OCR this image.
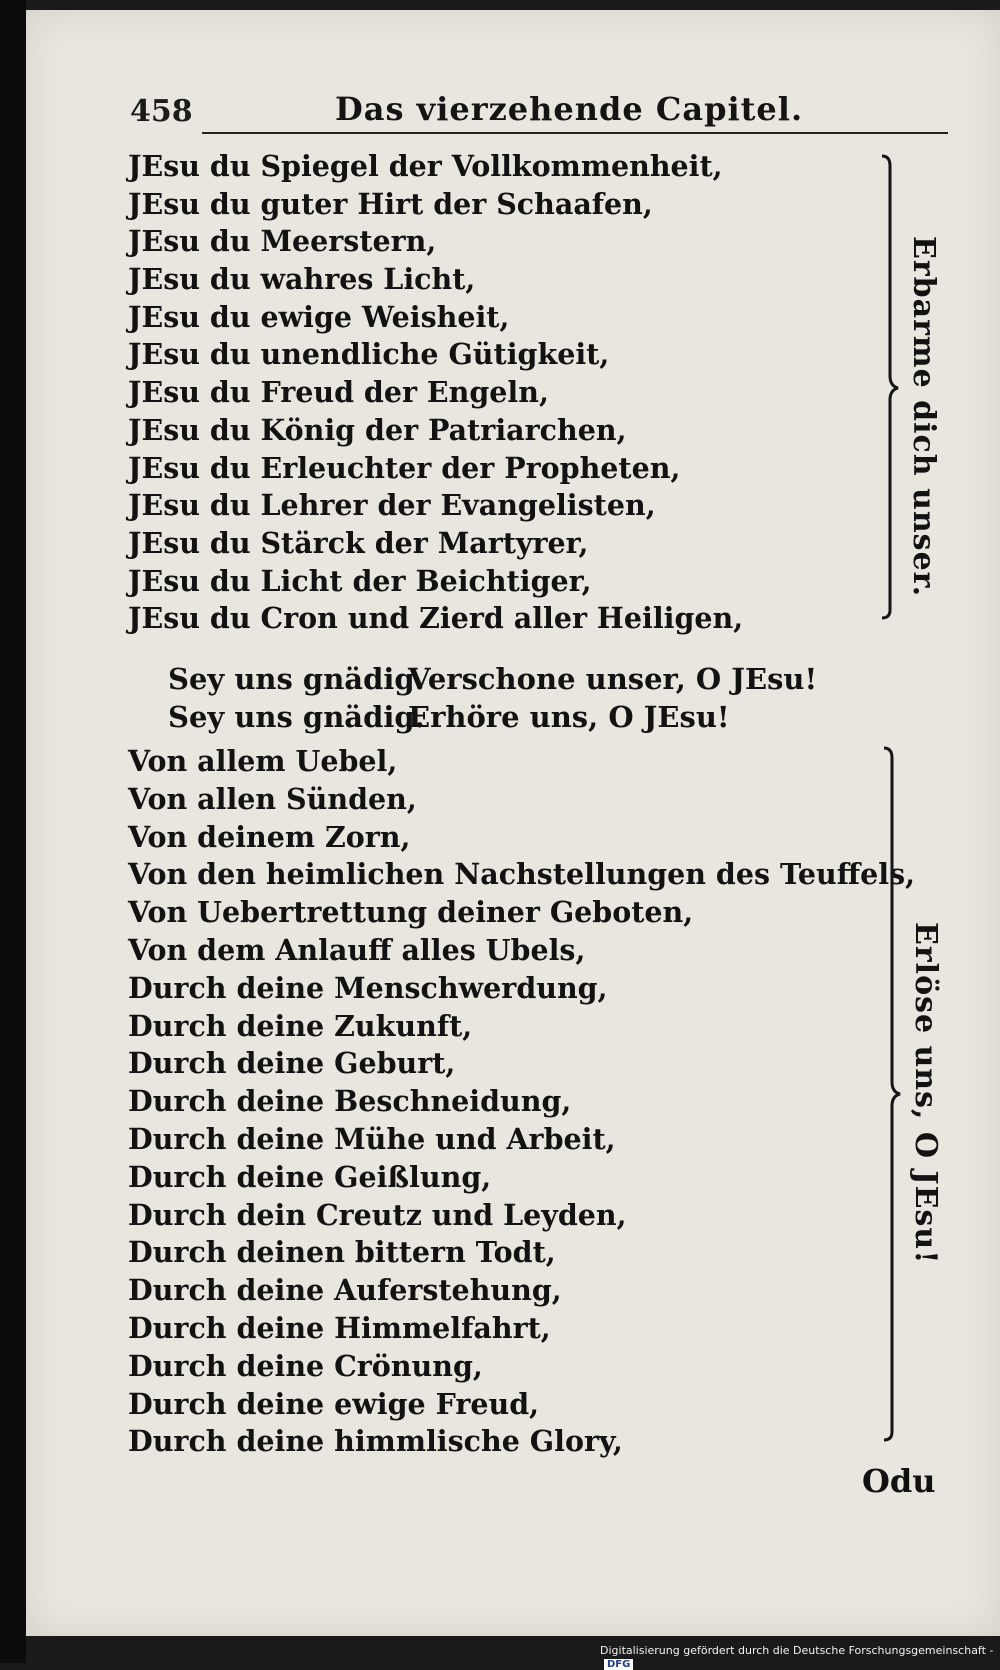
458	Das vierzehende Capitel.
JEsu du Spiegel der Vollkommenheit,
JEsu du guter Hirt der Schaafen,
JEsu du Meerstern,
JEsu du wahres Licht,
JEsu du ewige Weisheit,
JEsu du unendliche Gütigkeit,
JEsu du Freud der Engeln,
JEsu du König der Patriarchen,
JEsu du Erleuchter der Propheten,
JEsu du Lehrer der Evangelisten,
JEsu du Stärck der Martyrer,
JEsu du Licht der Beichtiger,
JEsu du Cron und Zierd aller Heiligen,
Erbarme dich unser.
Sey uns gnädig.Verschone unser, O JEsu!
Sey uns gnädig.Erhöre uns, O JEsu!
Von allem Uebel,
Von allen Sünden,
Von deinem Zorn,
Von den heimlichen Nachstellungen des Teuffels,
Von Uebertrettung deiner Geboten,
Von dem Anlauff alles Ubels,
Durch deine Menschwerdung,
Durch deine Zukunft,
Durch deine Geburt,
Durch deine Beschneidung,
Durch deine Mühe und Arbeit,
Durch deine Geißlung,
Durch dein Creutz und Leyden,
Durch deinen bittern Todt,
Durch deine Auferstehung,
Durch deine Himmelfahrt,
Durch deine Crönung,
Durch deine ewige Freud,
Durch deine himmlische Glory,
Erlöse uns, O JEsu!
Odu
Digitalisierung gefördert durch die Deutsche Forschungsgemeinschaft -DFG
